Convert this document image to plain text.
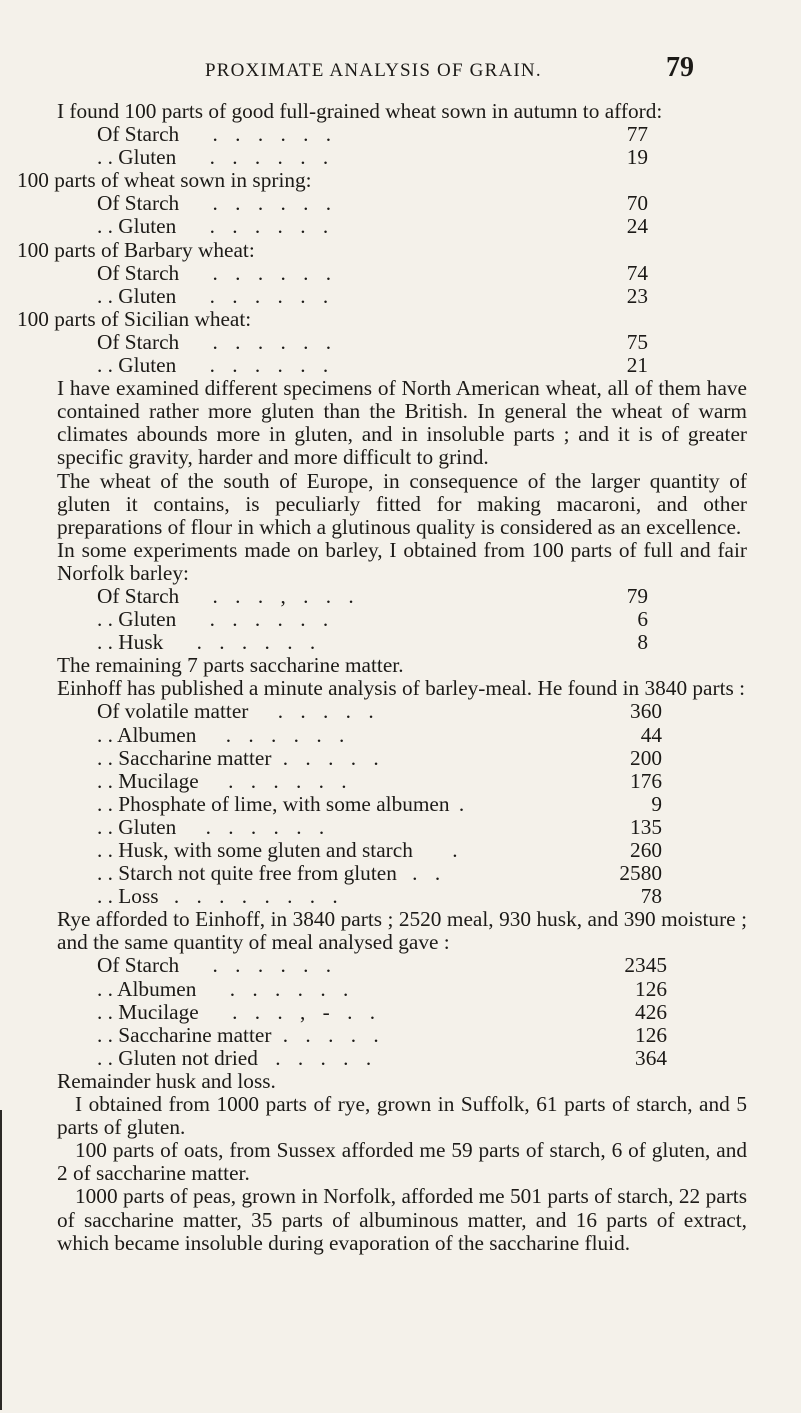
PROXIMATE ANALYSIS OF GRAIN.	79

I found 100 parts of good full-grained wheat sown in autumn to afford:

Of Starch . . . . . .	77
. . Gluten . . . . . .	19

100 parts of wheat sown in spring:

Of Starch . . . . . .	70
. . Gluten . . . . . .	24

100 parts of Barbary wheat:

Of Starch . . . . . .	74
. . Gluten . . . . . .	23

100 parts of Sicilian wheat:

Of Starch . . . . . .	75
. . Gluten . . . . . .	21

I have examined different specimens of North American wheat, all of them have contained rather more gluten than the British. In general the wheat of warm climates abounds more in gluten, and in insoluble parts ; and it is of greater specific gravity, harder and more difficult to grind.

The wheat of the south of Europe, in consequence of the larger quantity of gluten it contains, is peculiarly fitted for making macaroni, and other preparations of flour in which a glutinous quality is considered as an excellence.

In some experiments made on barley, I obtained from 100 parts of full and fair Norfolk barley:

Of Starch . . . , . . .	79
. . Gluten . . . . . .	6
. . Husk . . . . . .	8

The remaining 7 parts saccharine matter.

Einhoff has published a minute analysis of barley-meal. He found in 3840 parts :

Of volatile matter . . . . .	360
. . Albumen . . . . . .	44
. . Saccharine matter . . . . .	200
. . Mucilage . . . . . .	176
. . Phosphate of lime, with some albumen .	9
. . Gluten . . . . . .	135
. . Husk, with some gluten and starch .	260
. . Starch not quite free from gluten . .	2580
. . Loss . . . . . . . .	78

Rye afforded to Einhoff, in 3840 parts ; 2520 meal, 930 husk, and 390 moisture ; and the same quantity of meal analysed gave :

Of Starch . . . . . .	2345
. . Albumen . . . . . .	126
. . Mucilage . . . , - . .	426
. . Saccharine matter . . . . .	126
. . Gluten not dried . . . . .	364

Remainder husk and loss.

I obtained from 1000 parts of rye, grown in Suffolk, 61 parts of starch, and 5 parts of gluten.

100 parts of oats, from Sussex afforded me 59 parts of starch, 6 of gluten, and 2 of saccharine matter.

1000 parts of peas, grown in Norfolk, afforded me 501 parts of starch, 22 parts of saccharine matter, 35 parts of albuminous matter, and 16 parts of extract, which became insoluble during evaporation of the saccharine fluid.
